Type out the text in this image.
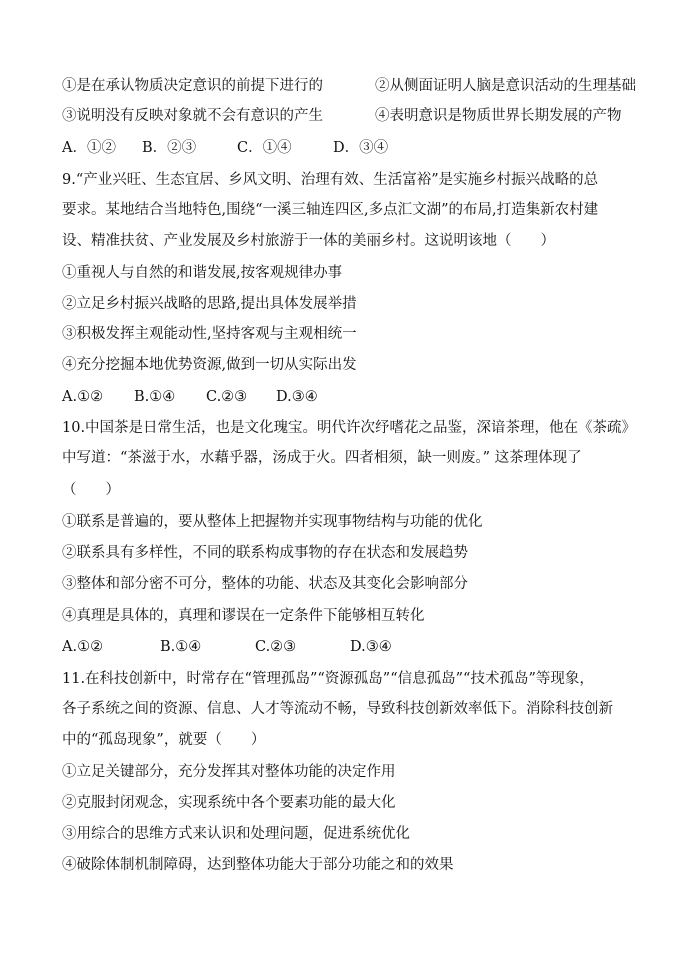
①是在承认物质决定意识的前提下进行的	②从侧面证明人脑是意识活动的生理基础
③说明没有反映对象就不会有意识的产生	④表明意识是物质世界长期发展的产物
A．①② B．②③	C．①④	D．③④
9.“产业兴旺、生态宜居、乡风文明、治理有效、生活富裕”是实施乡村振兴战略的总
要求。某地结合当地特色,围绕“一溪三轴连四区,多点汇文湖”的布局,打造集新农村建
设、精准扶贫、产业发展及乡村旅游于一体的美丽乡村。这说明该地（　　）
①重视人与自然的和谐发展,按客观规律办事
②立足乡村振兴战略的思路,提出具体发展举措
③积极发挥主观能动性,坚持客观与主观相统一
④充分挖掘本地优势资源,做到一切从实际出发
A.①② B.①④ C.②③ D.③④
10.中国茶是日常生活，也是文化瑰宝。明代许次纾嗜花之品鉴，深谙茶理，他在《茶疏》
中写道：“茶滋于水，水藉乎器，汤成于火。四者相须，缺一则废。” 这茶理体现了
（　　）
①联系是普遍的，要从整体上把握物并实现事物结构与功能的优化
②联系具有多样性，不同的联系构成事物的存在状态和发展趋势
③整体和部分密不可分，整体的功能、状态及其变化会影响部分
④真理是具体的，真理和谬误在一定条件下能够相互转化
A.①②	B.①④	C.②③	D.③④
11.在科技创新中，时常存在“管理孤岛”“资源孤岛”“信息孤岛”“技术孤岛”等现象，
各子系统之间的资源、信息、人才等流动不畅，导致科技创新效率低下。消除科技创新
中的“孤岛现象”，就要（　　）
①立足关键部分，充分发挥其对整体功能的决定作用
②克服封闭观念，实现系统中各个要素功能的最大化
③用综合的思维方式来认识和处理问题，促进系统优化
④破除体制机制障碍，达到整体功能大于部分功能之和的效果
